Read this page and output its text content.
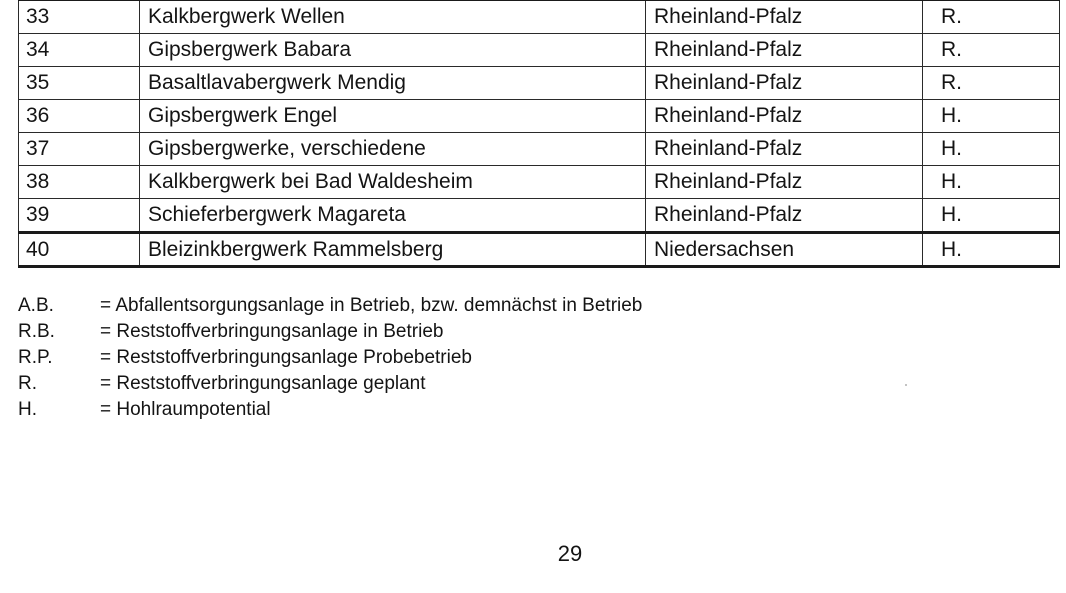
33	Kalkbergwerk Wellen	Rheinland-Pfalz	R.
34	Gipsbergwerk Babara	Rheinland-Pfalz	R.
35	Basaltlavabergwerk Mendig	Rheinland-Pfalz	R.
36	Gipsbergwerk Engel	Rheinland-Pfalz	H.
37	Gipsbergwerke, verschiedene	Rheinland-Pfalz	H.
38	Kalkbergwerk bei Bad Waldesheim	Rheinland-Pfalz	H.
39	Schieferbergwerk Magareta	Rheinland-Pfalz	H.
40	Bleizinkbergwerk Rammelsberg	Niedersachsen	H.
A.B.	= Abfallentsorgungsanlage in Betrieb, bzw. demnächst in Betrieb
R.B.	= Reststoffverbringungsanlage in Betrieb
R.P.	= Reststoffverbringungsanlage Probebetrieb
R.	= Reststoffverbringungsanlage geplant
H.	= Hohlraumpotential
29
